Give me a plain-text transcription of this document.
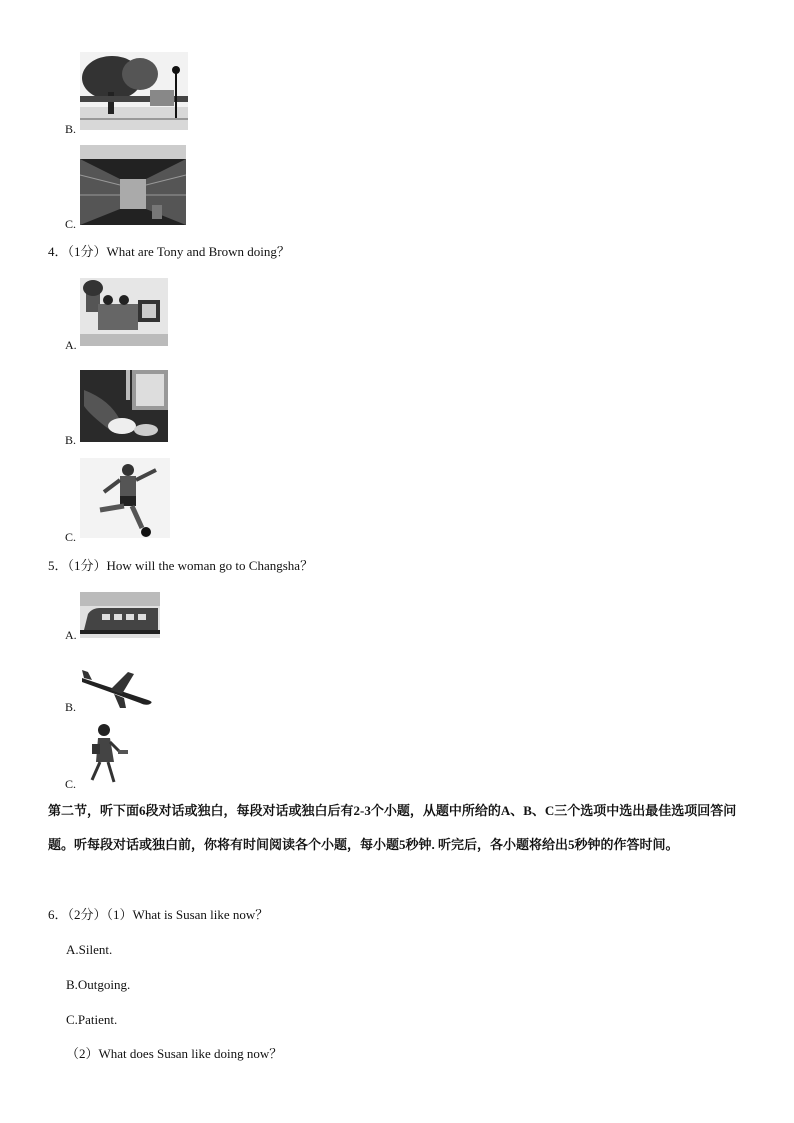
B.
C.
4．（1分）What are Tony and Brown doing？
A.
B.
C.
5．（1分）How will the woman go to Changsha？
A.
B.
C.
第二节，听下面6段对话或独白，每段对话或独白后有2-3个小题，从题中所给的A、B、C三个选项中选出最佳选项回答问题。听每段对话或独白前，你将有时间阅读各个小题，每小题5秒钟. 听完后，各小题将给出5秒钟的作答时间。
6．（2分）（1）What is Susan like now？
A.Silent.
B.Outgoing.
C.Patient.
（2）What does Susan like doing now？
